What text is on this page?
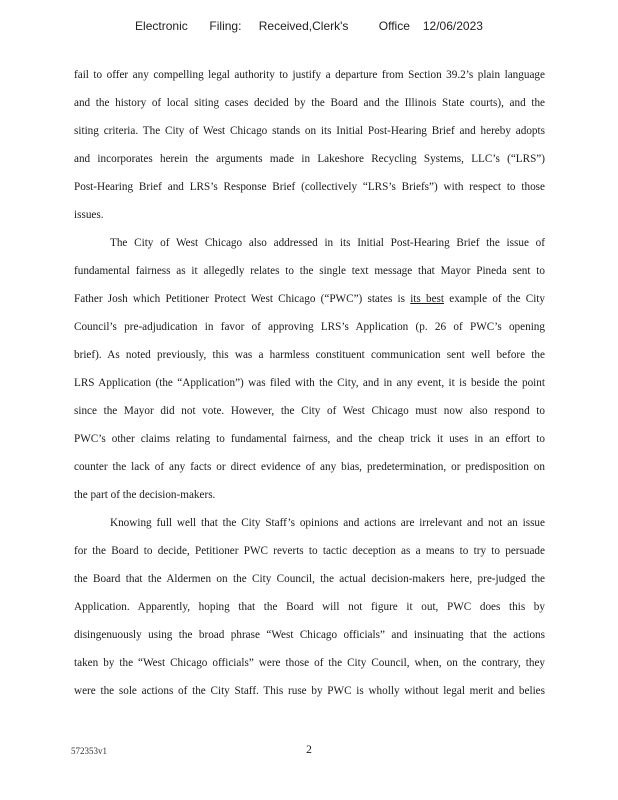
Electronic     Filing:    Received,Clerk's       Office   12/06/2023
fail to offer any compelling legal authority to justify a departure from Section 39.2’s plain language
and the history of local siting cases decided by the Board and the Illinois State courts), and the
siting criteria. The City of West Chicago stands on its Initial Post-Hearing Brief and hereby adopts
and incorporates herein the arguments made in Lakeshore Recycling Systems, LLC’s (“LRS”)
Post-Hearing Brief and LRS’s Response Brief (collectively “LRS’s Briefs”) with respect to those
issues.
The City of West Chicago also addressed in its Initial Post-Hearing Brief the issue of
fundamental fairness as it allegedly relates to the single text message that Mayor Pineda sent to
Father Josh which Petitioner Protect West Chicago (“PWC”) states is its best example of the City
Council’s pre-adjudication in favor of approving LRS’s Application (p. 26 of PWC’s opening
brief). As noted previously, this was a harmless constituent communication sent well before the
LRS Application (the “Application”) was filed with the City, and in any event, it is beside the point
since the Mayor did not vote. However, the City of West Chicago must now also respond to
PWC’s other claims relating to fundamental fairness, and the cheap trick it uses in an effort to
counter the lack of any facts or direct evidence of any bias, predetermination, or predisposition on
the part of the decision-makers.
Knowing full well that the City Staff’s opinions and actions are irrelevant and not an issue
for the Board to decide, Petitioner PWC reverts to tactic deception as a means to try to persuade
the Board that the Aldermen on the City Council, the actual decision-makers here, pre-judged the
Application. Apparently, hoping that the Board will not figure it out, PWC does this by
disingenuously using the broad phrase “West Chicago officials” and insinuating that the actions
taken by the “West Chicago officials” were those of the City Council, when, on the contrary, they
were the sole actions of the City Staff. This ruse by PWC is wholly without legal merit and belies
2
572353v1
